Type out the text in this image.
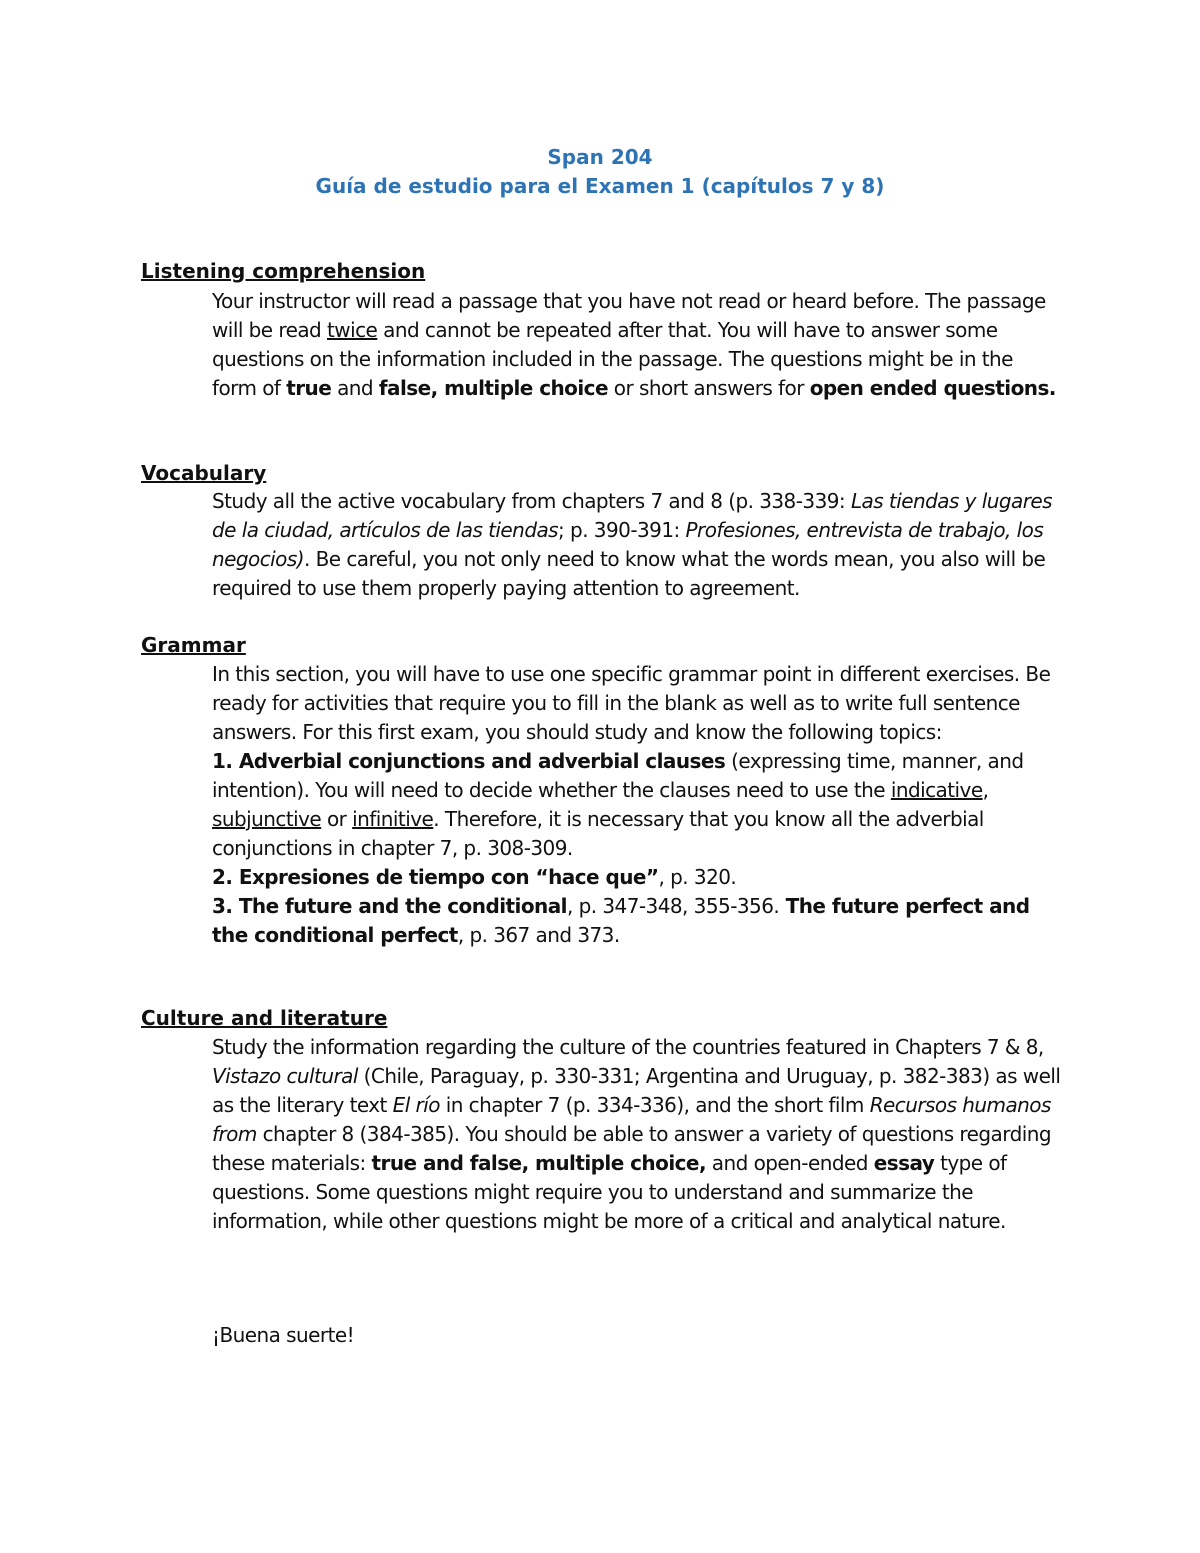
Span 204
Guía de estudio para el Examen 1 (capítulos 7 y 8)
Listening comprehension

Your instructor will read a passage that you have not read or heard before. The passage will be read twice and cannot be repeated after that. You will have to answer some questions on the information included in the passage. The questions might be in the form of true and false, multiple choice or short answers for open ended questions.

Vocabulary

Study all the active vocabulary from chapters 7 and 8 (p. 338-339: Las tiendas y lugares de la ciudad, artículos de las tiendas; p. 390-391: Profesiones, entrevista de trabajo, los negocios). Be careful, you not only need to know what the words mean, you also will be required to use them properly paying attention to agreement.

Grammar

In this section, you will have to use one specific grammar point in different exercises. Be ready for activities that require you to fill in the blank as well as to write full sentence answers. For this first exam, you should study and know the following topics:

1. Adverbial conjunctions and adverbial clauses (expressing time, manner, and intention). You will need to decide whether the clauses need to use the indicative, subjunctive or infinitive. Therefore, it is necessary that you know all the adverbial conjunctions in chapter 7, p. 308-309.

2. Expresiones de tiempo con “hace que”, p. 320.

3. The future and the conditional, p. 347-348, 355-356. The future perfect and the conditional perfect, p. 367 and 373.

Culture and literature

Study the information regarding the culture of the countries featured in Chapters 7 & 8, Vistazo cultural (Chile, Paraguay, p. 330-331; Argentina and Uruguay, p. 382-383) as well as the literary text El río in chapter 7 (p. 334-336), and the short film Recursos humanos from chapter 8 (384-385). You should be able to answer a variety of questions regarding these materials: true and false, multiple choice, and open-ended essay type of questions. Some questions might require you to understand and summarize the information, while other questions might be more of a critical and analytical nature.

¡Buena suerte!
